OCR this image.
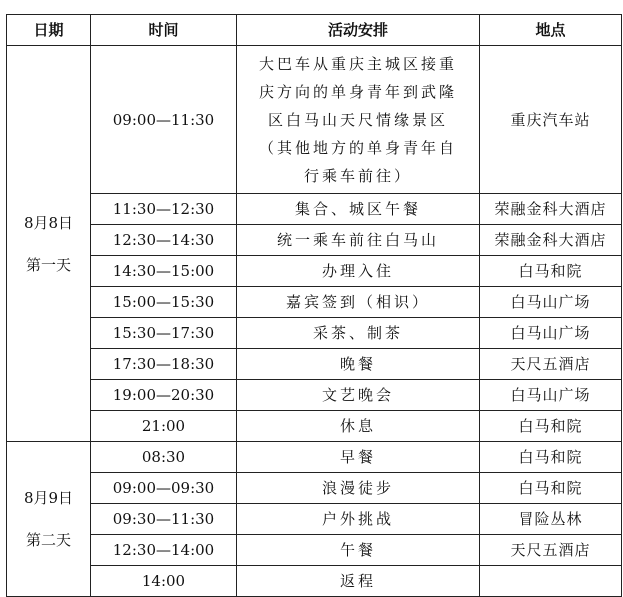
日期	时间	活动安排	地点

8月8日
第一天	09:00—11:30	大巴车从重庆主城区接重
庆方向的单身青年到武隆
区白马山天尺情缘景区
（其他地方的单身青年自
行乘车前往）	重庆汽车站
	11:30—12:30	集合、城区午餐	荣融金科大酒店
	12:30—14:30	统一乘车前往白马山	荣融金科大酒店
	14:30—15:00	办理入住	白马和院
	15:00—15:30	嘉宾签到（相识）	白马山广场
	15:30—17:30	采茶、制茶	白马山广场
	17:30—18:30	晚餐	天尺五酒店
	19:00—20:30	文艺晚会	白马山广场
	21:00	休息	白马和院

8月9日
第二天	08:30	早餐	白马和院
	09:00—09:30	浪漫徒步	白马和院
	09:30—11:30	户外挑战	冒险丛林
	12:30—14:00	午餐	天尺五酒店
	14:00	返程	
